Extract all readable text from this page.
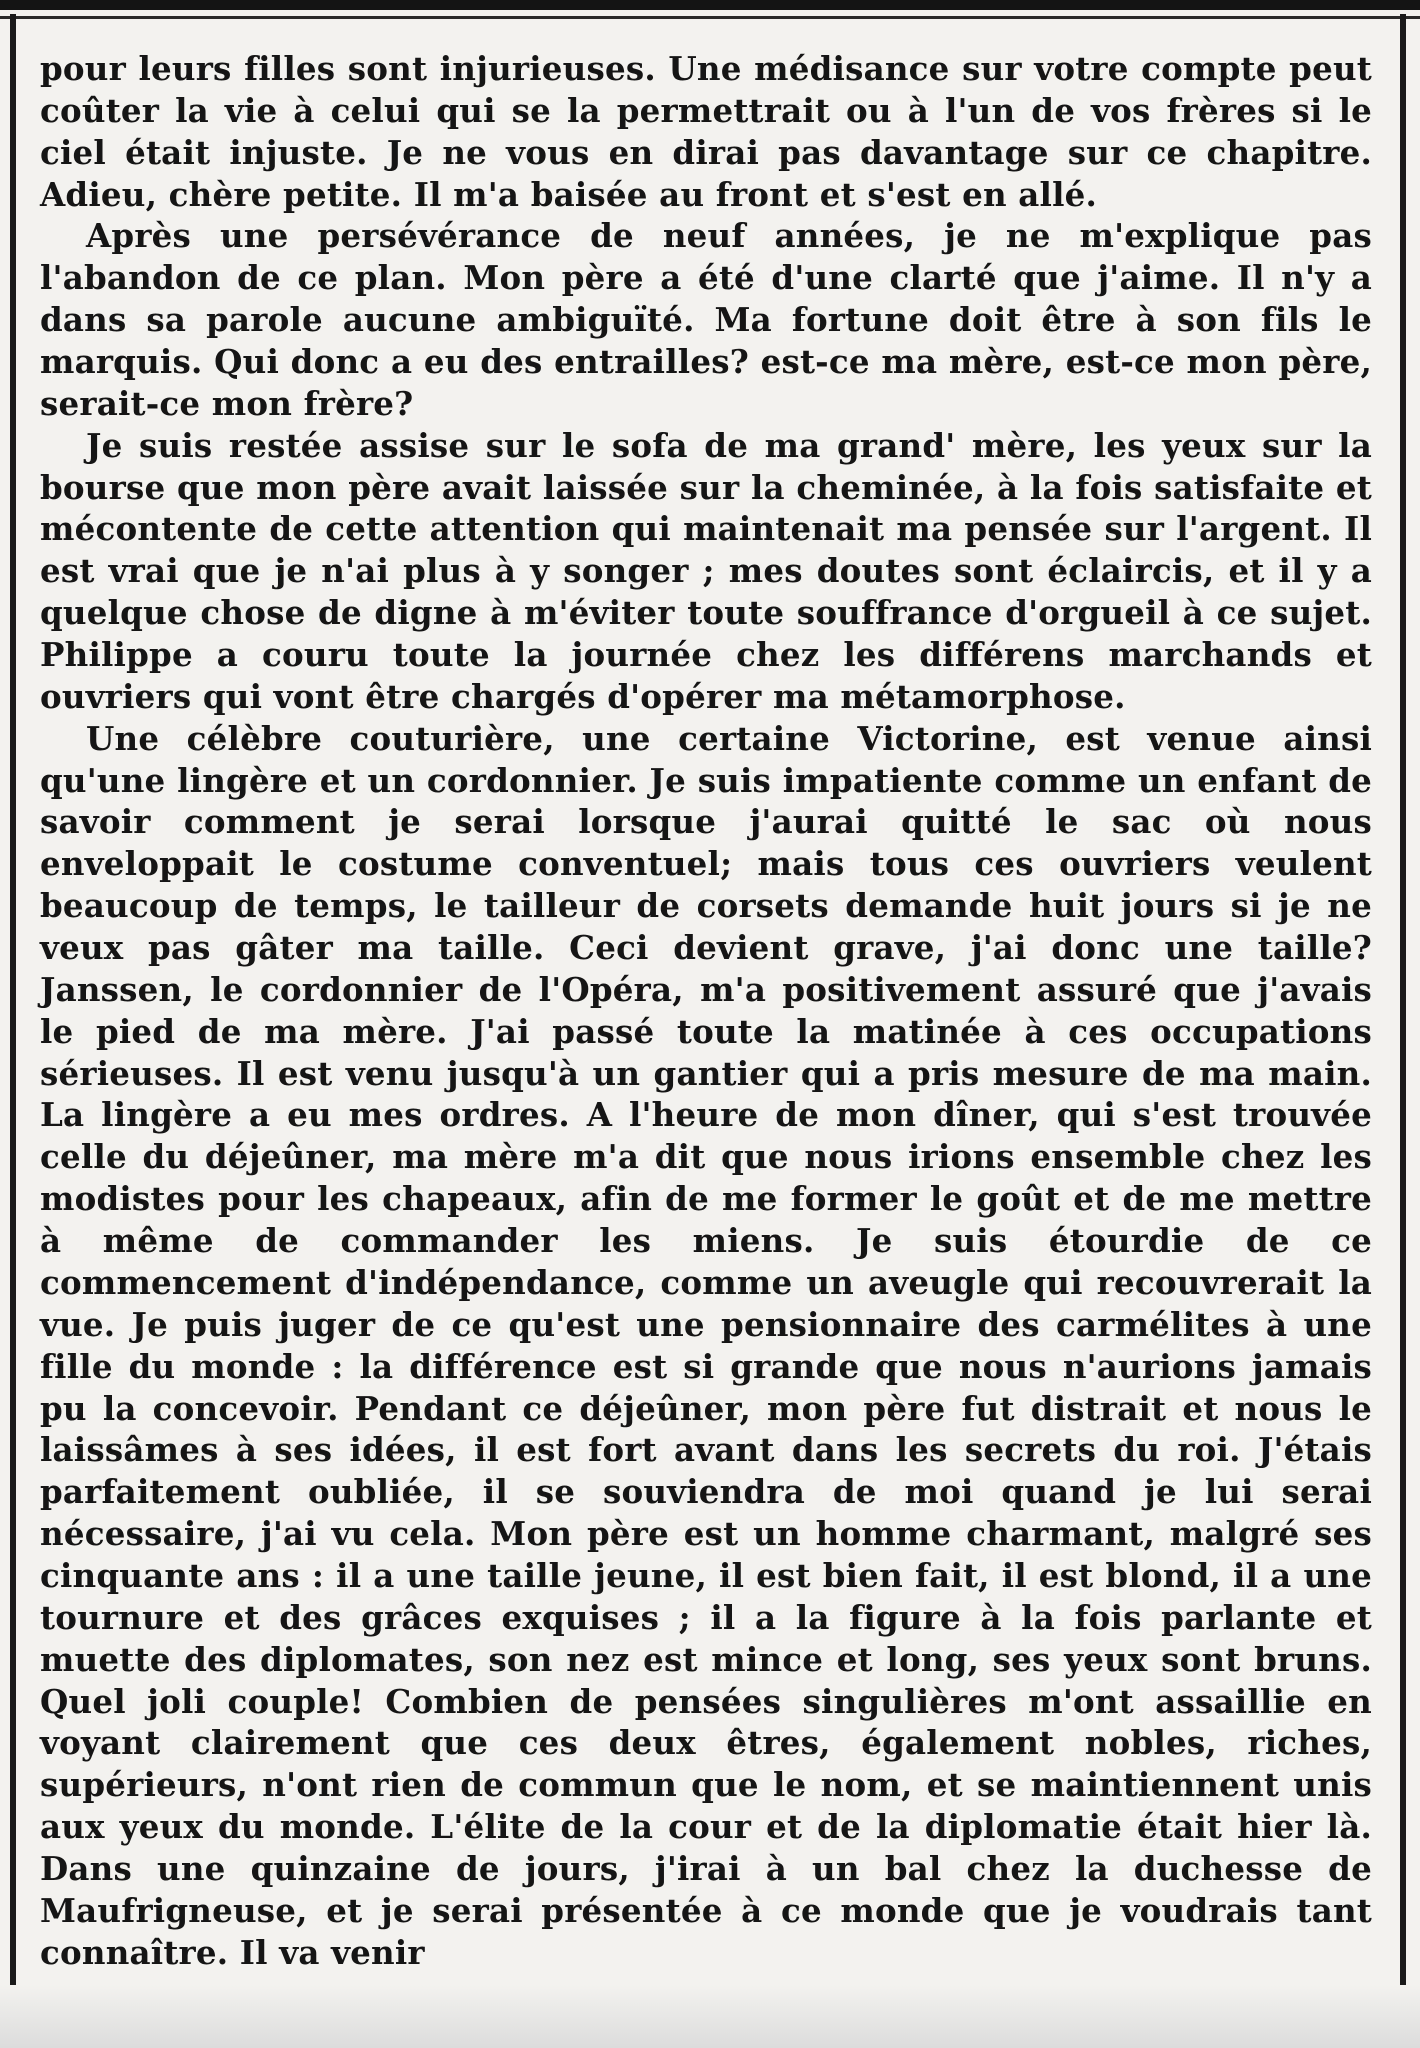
pour leurs filles sont injurieuses. Une médisance sur votre compte peut coûter la vie à celui qui se la permettrait ou à l'un de vos frères si le ciel était injuste. Je ne vous en dirai pas davantage sur ce chapitre. Adieu, chère petite. Il m'a baisée au front et s'est en allé.

Après une persévérance de neuf années, je ne m'explique pas l'abandon de ce plan. Mon père a été d'une clarté que j'aime. Il n'y a dans sa parole aucune ambiguïté. Ma fortune doit être à son fils le marquis. Qui donc a eu des entrailles? est-ce ma mère, est-ce mon père, serait-ce mon frère?

Je suis restée assise sur le sofa de ma grand' mère, les yeux sur la bourse que mon père avait laissée sur la cheminée, à la fois satisfaite et mécontente de cette attention qui maintenait ma pensée sur l'argent. Il est vrai que je n'ai plus à y songer ; mes doutes sont éclaircis, et il y a quelque chose de digne à m'éviter toute souffrance d'orgueil à ce sujet. Philippe a couru toute la journée chez les différens marchands et ouvriers qui vont être chargés d'opérer ma métamorphose.

Une célèbre couturière, une certaine Victorine, est venue ainsi qu'une lingère et un cordonnier. Je suis impatiente comme un enfant de savoir comment je serai lorsque j'aurai quitté le sac où nous enveloppait le costume conventuel; mais tous ces ouvriers veulent beaucoup de temps, le tailleur de corsets demande huit jours si je ne veux pas gâter ma taille. Ceci devient grave, j'ai donc une taille? Janssen, le cordonnier de l'Opéra, m'a positivement assuré que j'avais le pied de ma mère. J'ai passé toute la matinée à ces occupations sérieuses. Il est venu jusqu'à un gantier qui a pris mesure de ma main. La lingère a eu mes ordres. A l'heure de mon dîner, qui s'est trouvée celle du déjeûner, ma mère m'a dit que nous irions ensemble chez les modistes pour les chapeaux, afin de me former le goût et de me mettre à même de commander les miens. Je suis étourdie de ce commencement d'indépendance, comme un aveugle qui recouvrerait la vue. Je puis juger de ce qu'est une pensionnaire des carmélites à une fille du monde : la différence est si grande que nous n'aurions jamais pu la concevoir. Pendant ce déjeûner, mon père fut distrait et nous le laissâmes à ses idées, il est fort avant dans les secrets du roi. J'étais parfaitement oubliée, il se souviendra de moi quand je lui serai nécessaire, j'ai vu cela. Mon père est un homme charmant, malgré ses cinquante ans : il a une taille jeune, il est bien fait, il est blond, il a une tournure et des grâces exquises ; il a la figure à la fois parlante et muette des diplomates, son nez est mince et long, ses yeux sont bruns. Quel joli couple! Combien de pensées singulières m'ont assaillie en voyant clairement que ces deux êtres, également nobles, riches, supérieurs, n'ont rien de commun que le nom, et se maintiennent unis aux yeux du monde. L'élite de la cour et de la diplomatie était hier là. Dans une quinzaine de jours, j'irai à un bal chez la duchesse de Maufrigneuse, et je serai présentée à ce monde que je voudrais tant connaître. Il va venir
